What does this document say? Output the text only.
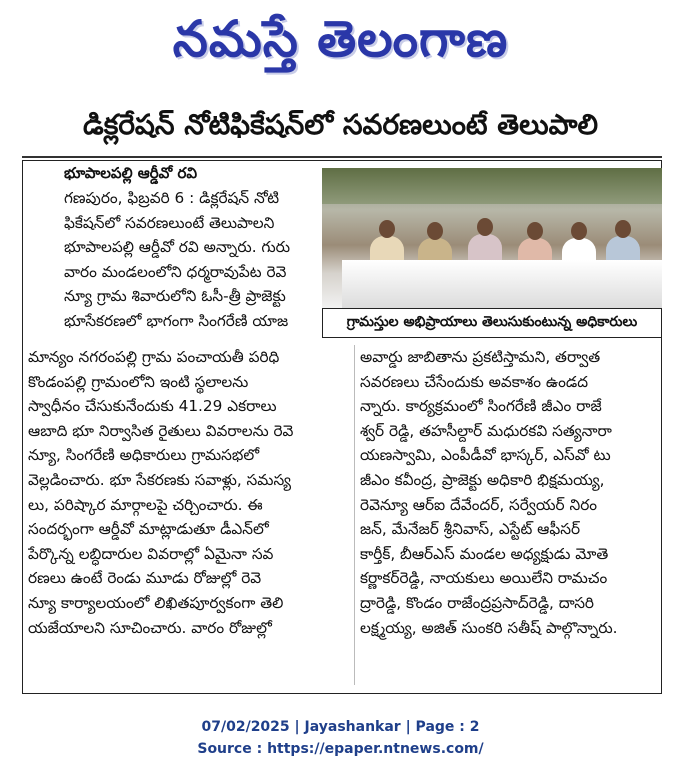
నమస్తే తెలంగాణ
డిక్లరేషన్ నోటిఫికేషన్‌లో సవరణలుంటే తెలుపాలి
భూపాలపల్లి ఆర్డీవో రవి
గ్రామస్తుల అభిప్రాయాలు తెలుసుకుంటున్న అధికారులు
గణపురం, ఫిబ్రవరి 6 : డిక్లరేషన్ నోటి
ఫికేషన్‌లో సవరణలుంటే తెలుపాలని
భూపాలపల్లి ఆర్డీవో రవి అన్నారు. గురు
వారం మండలంలోని ధర్మరావుపేట రెవె
న్యూ గ్రామ శివారులోని ఓసీ-త్రీ ప్రాజెక్టు
భూసేకరణలో భాగంగా సింగరేణి యాజ
మాన్యం నగరంపల్లి గ్రామ పంచాయతీ పరిధి
కొండంపల్లి గ్రామంలోని ఇంటి స్థలాలను
స్వాధీనం చేసుకునేందుకు 41.29 ఎకరాలు
ఆబాది భూ నిర్వాసిత రైతులు వివరాలను రెవె
న్యూ, సింగరేణి అధికారులు గ్రామసభలో
వెల్లడించారు. భూ సేకరణకు సవాళ్లు, సమస్య
లు, పరిష్కార మార్గాలపై చర్చించారు. ఈ
సందర్భంగా ఆర్డీవో మాట్లాడుతూ డీఎన్‌లో
పేర్కొన్న లబ్ధిదారుల వివరాల్లో ఏమైనా సవ
రణలు ఉంటే రెండు మూడు రోజుల్లో రెవె
న్యూ కార్యాలయంలో లిఖితపూర్వకంగా తెలి
యజేయాలని సూచించారు. వారం రోజుల్లో
అవార్డు జాబితాను ప్రకటిస్తామని, తర్వాత
సవరణలు చేసేందుకు అవకాశం ఉండద
న్నారు. కార్యక్రమంలో సింగరేణి జీఎం రాజే
శ్వర్ రెడ్డి, తహసీల్దార్ మధురకవి సత్యనారా
యణస్వామి, ఎంపీడీవో భాస్కర్, ఎస్‌వో టు
జీఎం కవీంద్ర, ప్రాజెక్టు అధికారి భిక్షమయ్య,
రెవెన్యూ ఆర్ఐ దేవేందర్, సర్వేయర్ నిరం
జన్, మేనేజర్ శ్రీనివాస్, ఎస్టేట్ ఆఫీసర్
కార్తీక్, బీఆర్ఎస్ మండల అధ్యక్షుడు మోతె
కర్ణాకర్‌రెడ్డి, నాయకులు అయిలేని రామచం
ద్రారెడ్డి, కొండం రాజేంద్రప్రసాద్‌రెడ్డి, దాసరి
లక్ష్మయ్య, అజిత్ సుంకరి సతీష్ పాల్గొన్నారు.
07/02/2025 | Jayashankar | Page : 2
Source : https://epaper.ntnews.com/
